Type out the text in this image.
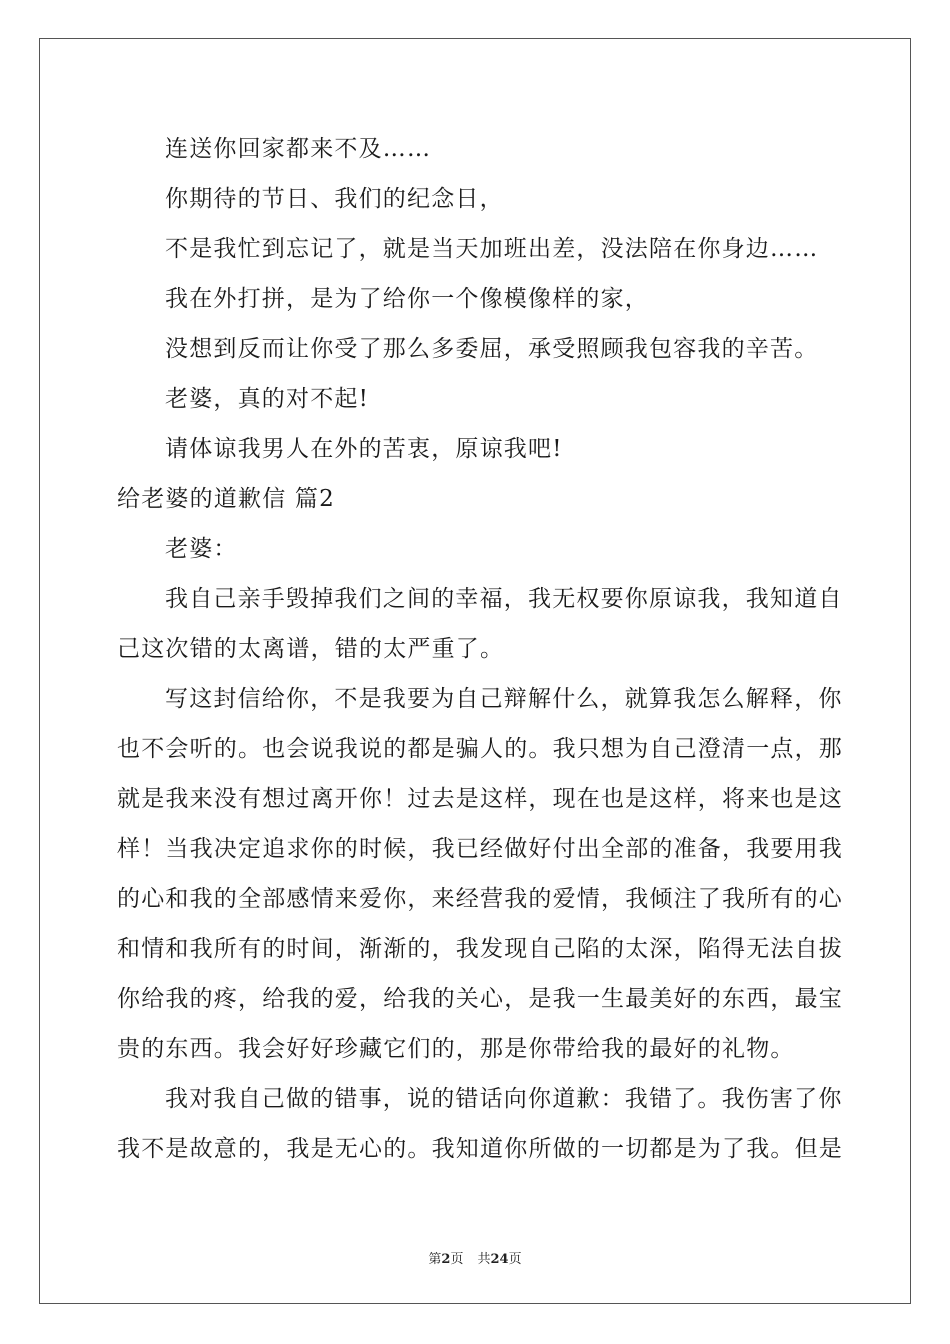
连送你回家都来不及……
你期待的节日、我们的纪念日，
不是我忙到忘记了，就是当天加班出差，没法陪在你身边……
我在外打拼，是为了给你一个像模像样的家，
没想到反而让你受了那么多委屈，承受照顾我包容我的辛苦。
老婆，真的对不起!
请体谅我男人在外的苦衷，原谅我吧!
给老婆的道歉信 篇2
老婆：
我自己亲手毁掉我们之间的幸福，我无权要你原谅我，我知道自
己这次错的太离谱，错的太严重了。
写这封信给你，不是我要为自己辩解什么，就算我怎么解释，你
也不会听的。也会说我说的都是骗人的。我只想为自己澄清一点，那
就是我来没有想过离开你！过去是这样，现在也是这样，将来也是这
样！当我决定追求你的时候，我已经做好付出全部的准备，我要用我
的心和我的全部感情来爱你，来经营我的爱情，我倾注了我所有的心
和情和我所有的时间，渐渐的，我发现自己陷的太深，陷得无法自拔
你给我的疼，给我的爱，给我的关心，是我一生最美好的东西，最宝
贵的东西。我会好好珍藏它们的，那是你带给我的最好的礼物。
我对我自己做的错事，说的错话向你道歉：我错了。我伤害了你
我不是故意的，我是无心的。我知道你所做的一切都是为了我。但是
第2页 共24页
